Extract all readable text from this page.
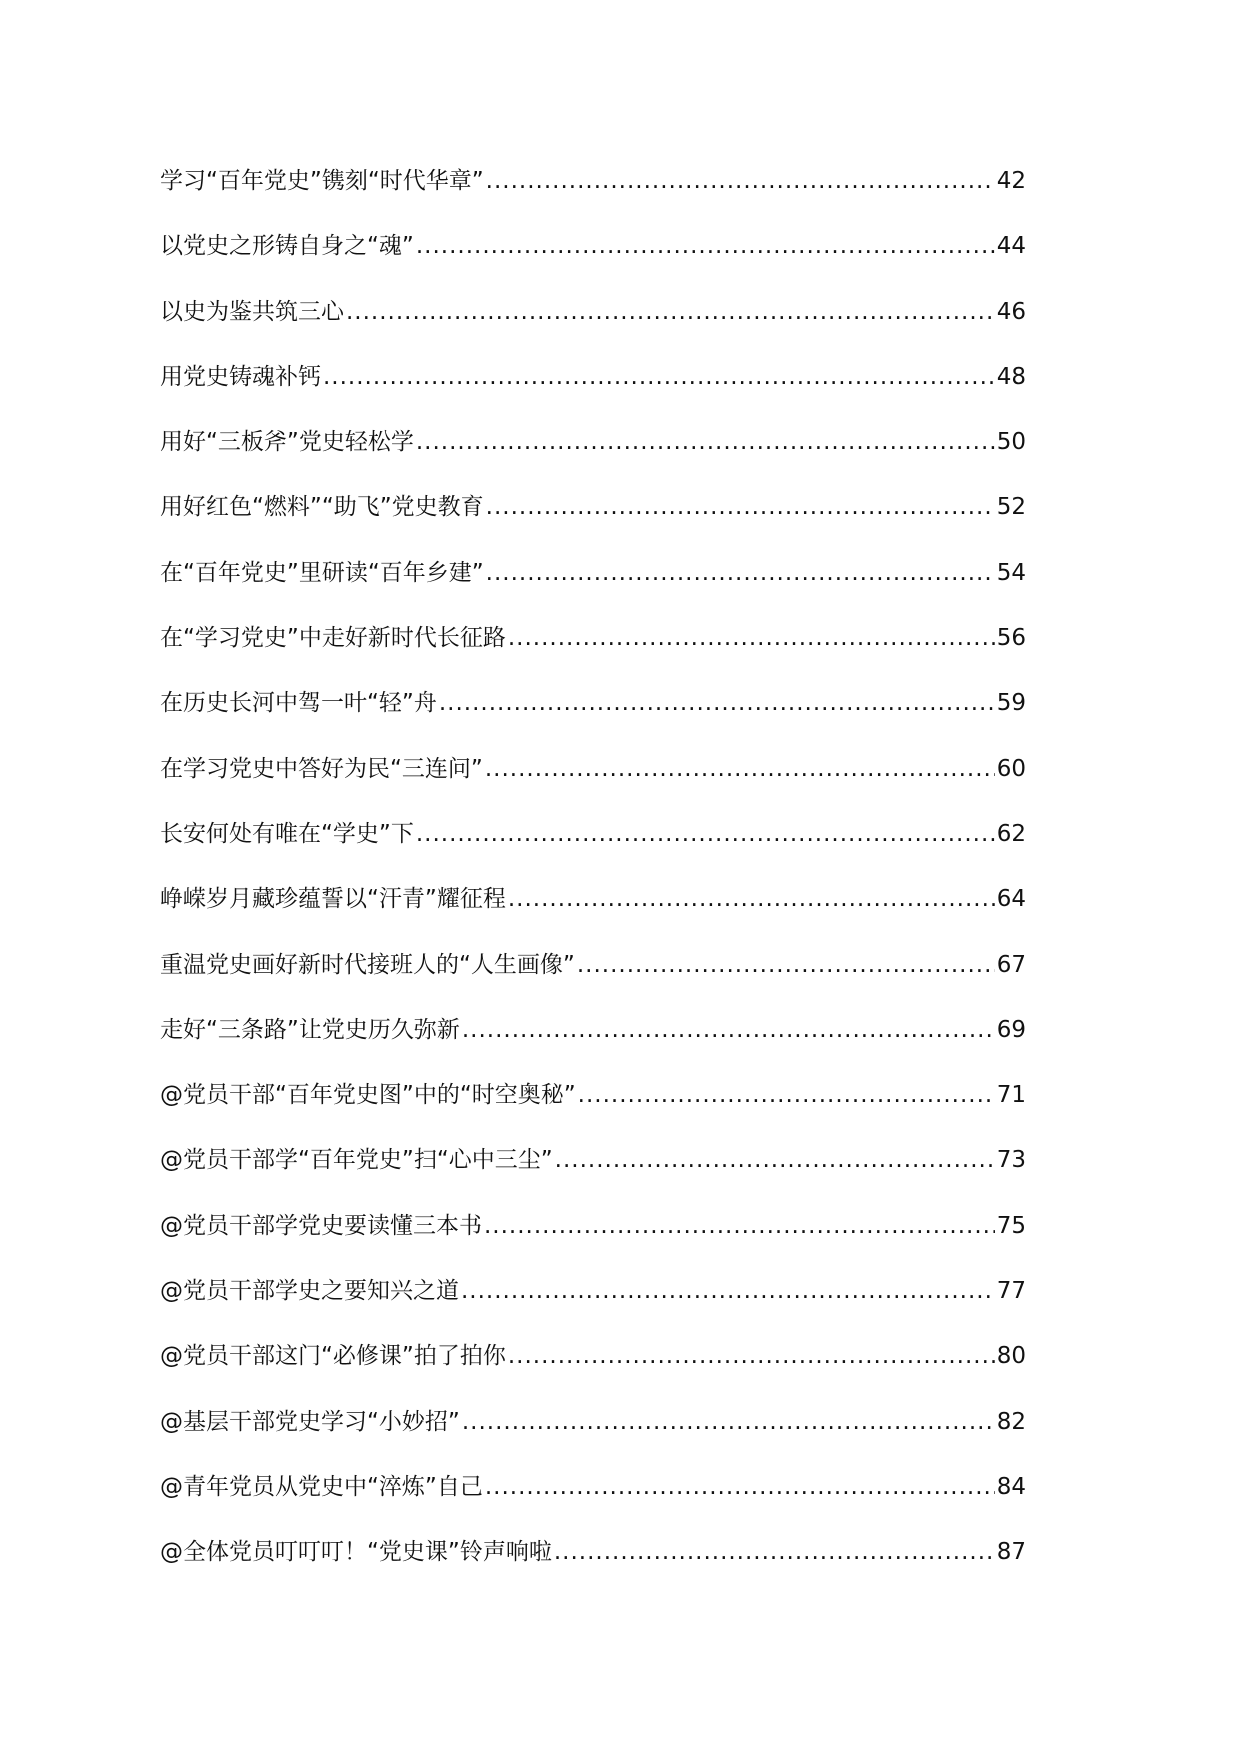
学习“百年党史”镌刻“时代华章” .....	42
以党史之形铸自身之“魂” .....	44
以史为鉴共筑三心 .....	46
用党史铸魂补钙 .....	48
用好“三板斧”党史轻松学 .....	50
用好红色“燃料”“助飞”党史教育 .....	52
在“百年党史”里研读“百年乡建” .....	54
在“学习党史”中走好新时代长征路 .....	56
在历史长河中驾一叶“轻”舟 .....	59
在学习党史中答好为民“三连问” .....	60
长安何处有唯在“学史”下 .....	62
峥嵘岁月藏珍蕴誓以“汗青”耀征程 .....	64
重温党史画好新时代接班人的“人生画像” .....	67
走好“三条路”让党史历久弥新 .....	69
@党员干部“百年党史图”中的“时空奥秘” .....	71
@党员干部学“百年党史”扫“心中三尘” .....	73
@党员干部学党史要读懂三本书 .....	75
@党员干部学史之要知兴之道 .....	77
@党员干部这门“必修课”拍了拍你 .....	80
@基层干部党史学习“小妙招” .....	82
@青年党员从党史中“淬炼”自己 .....	84
@全体党员叮叮叮！“党史课”铃声响啦 .....	87
